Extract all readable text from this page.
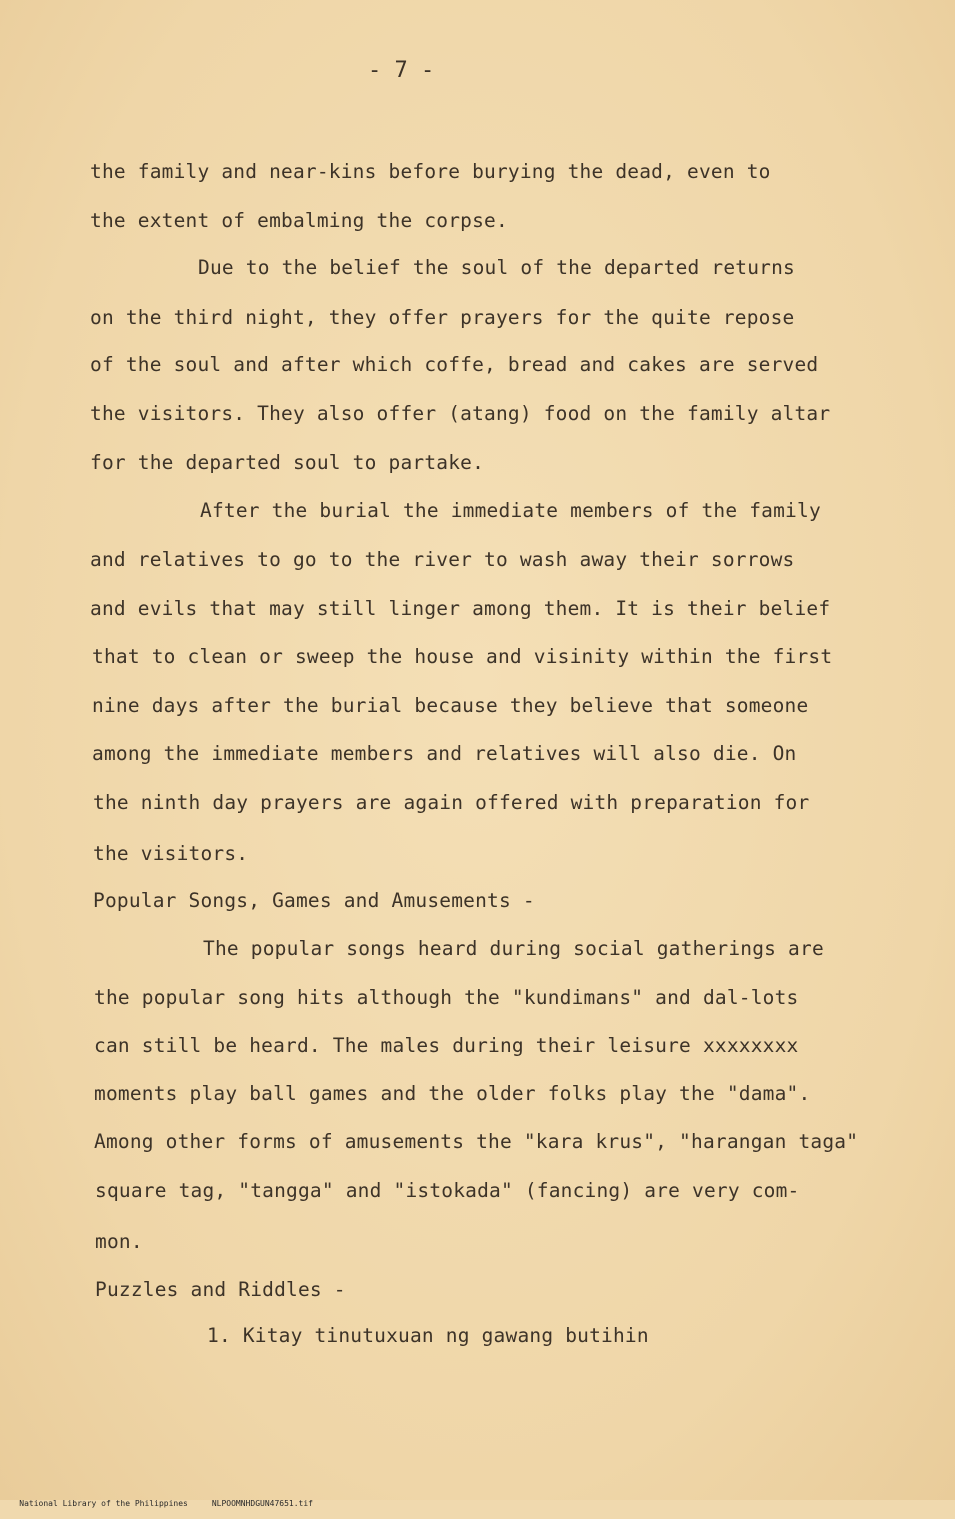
- 7 -
the family and near-kins before burying the dead, even to
the extent of embalming the corpse.
Due to the belief the soul of the departed returns
on the third night, they offer prayers for the quite repose
of the soul and after which coffe, bread and cakes are served
the visitors. They also offer (atang) food on the family altar
for the departed soul to partake.
After the burial the immediate members of the family
and relatives to go to the river to wash away their sorrows
and evils that may still linger among them. It is their belief
that to clean or sweep the house and visinity within the first
nine days after the burial because they believe that someone
among the immediate members and relatives will also die. On
the ninth day prayers are again offered with preparation for
the visitors.
Popular Songs, Games and Amusements -
The popular songs heard during social gatherings are
the popular song hits although the "kundimans" and dal-lots
can still be heard. The males during their leisure xxxxxxxx
moments play ball games and the older folks play the "dama".
Among other forms of amusements the "kara krus", "harangan taga"
square tag, "tangga" and "istokada" (fancing) are very com-
mon.
Puzzles and Riddles -
1. Kitay tinutuxuan ng gawang butihin

National Library of the Philippines	NLPOOMNHDGUN47651.tif
